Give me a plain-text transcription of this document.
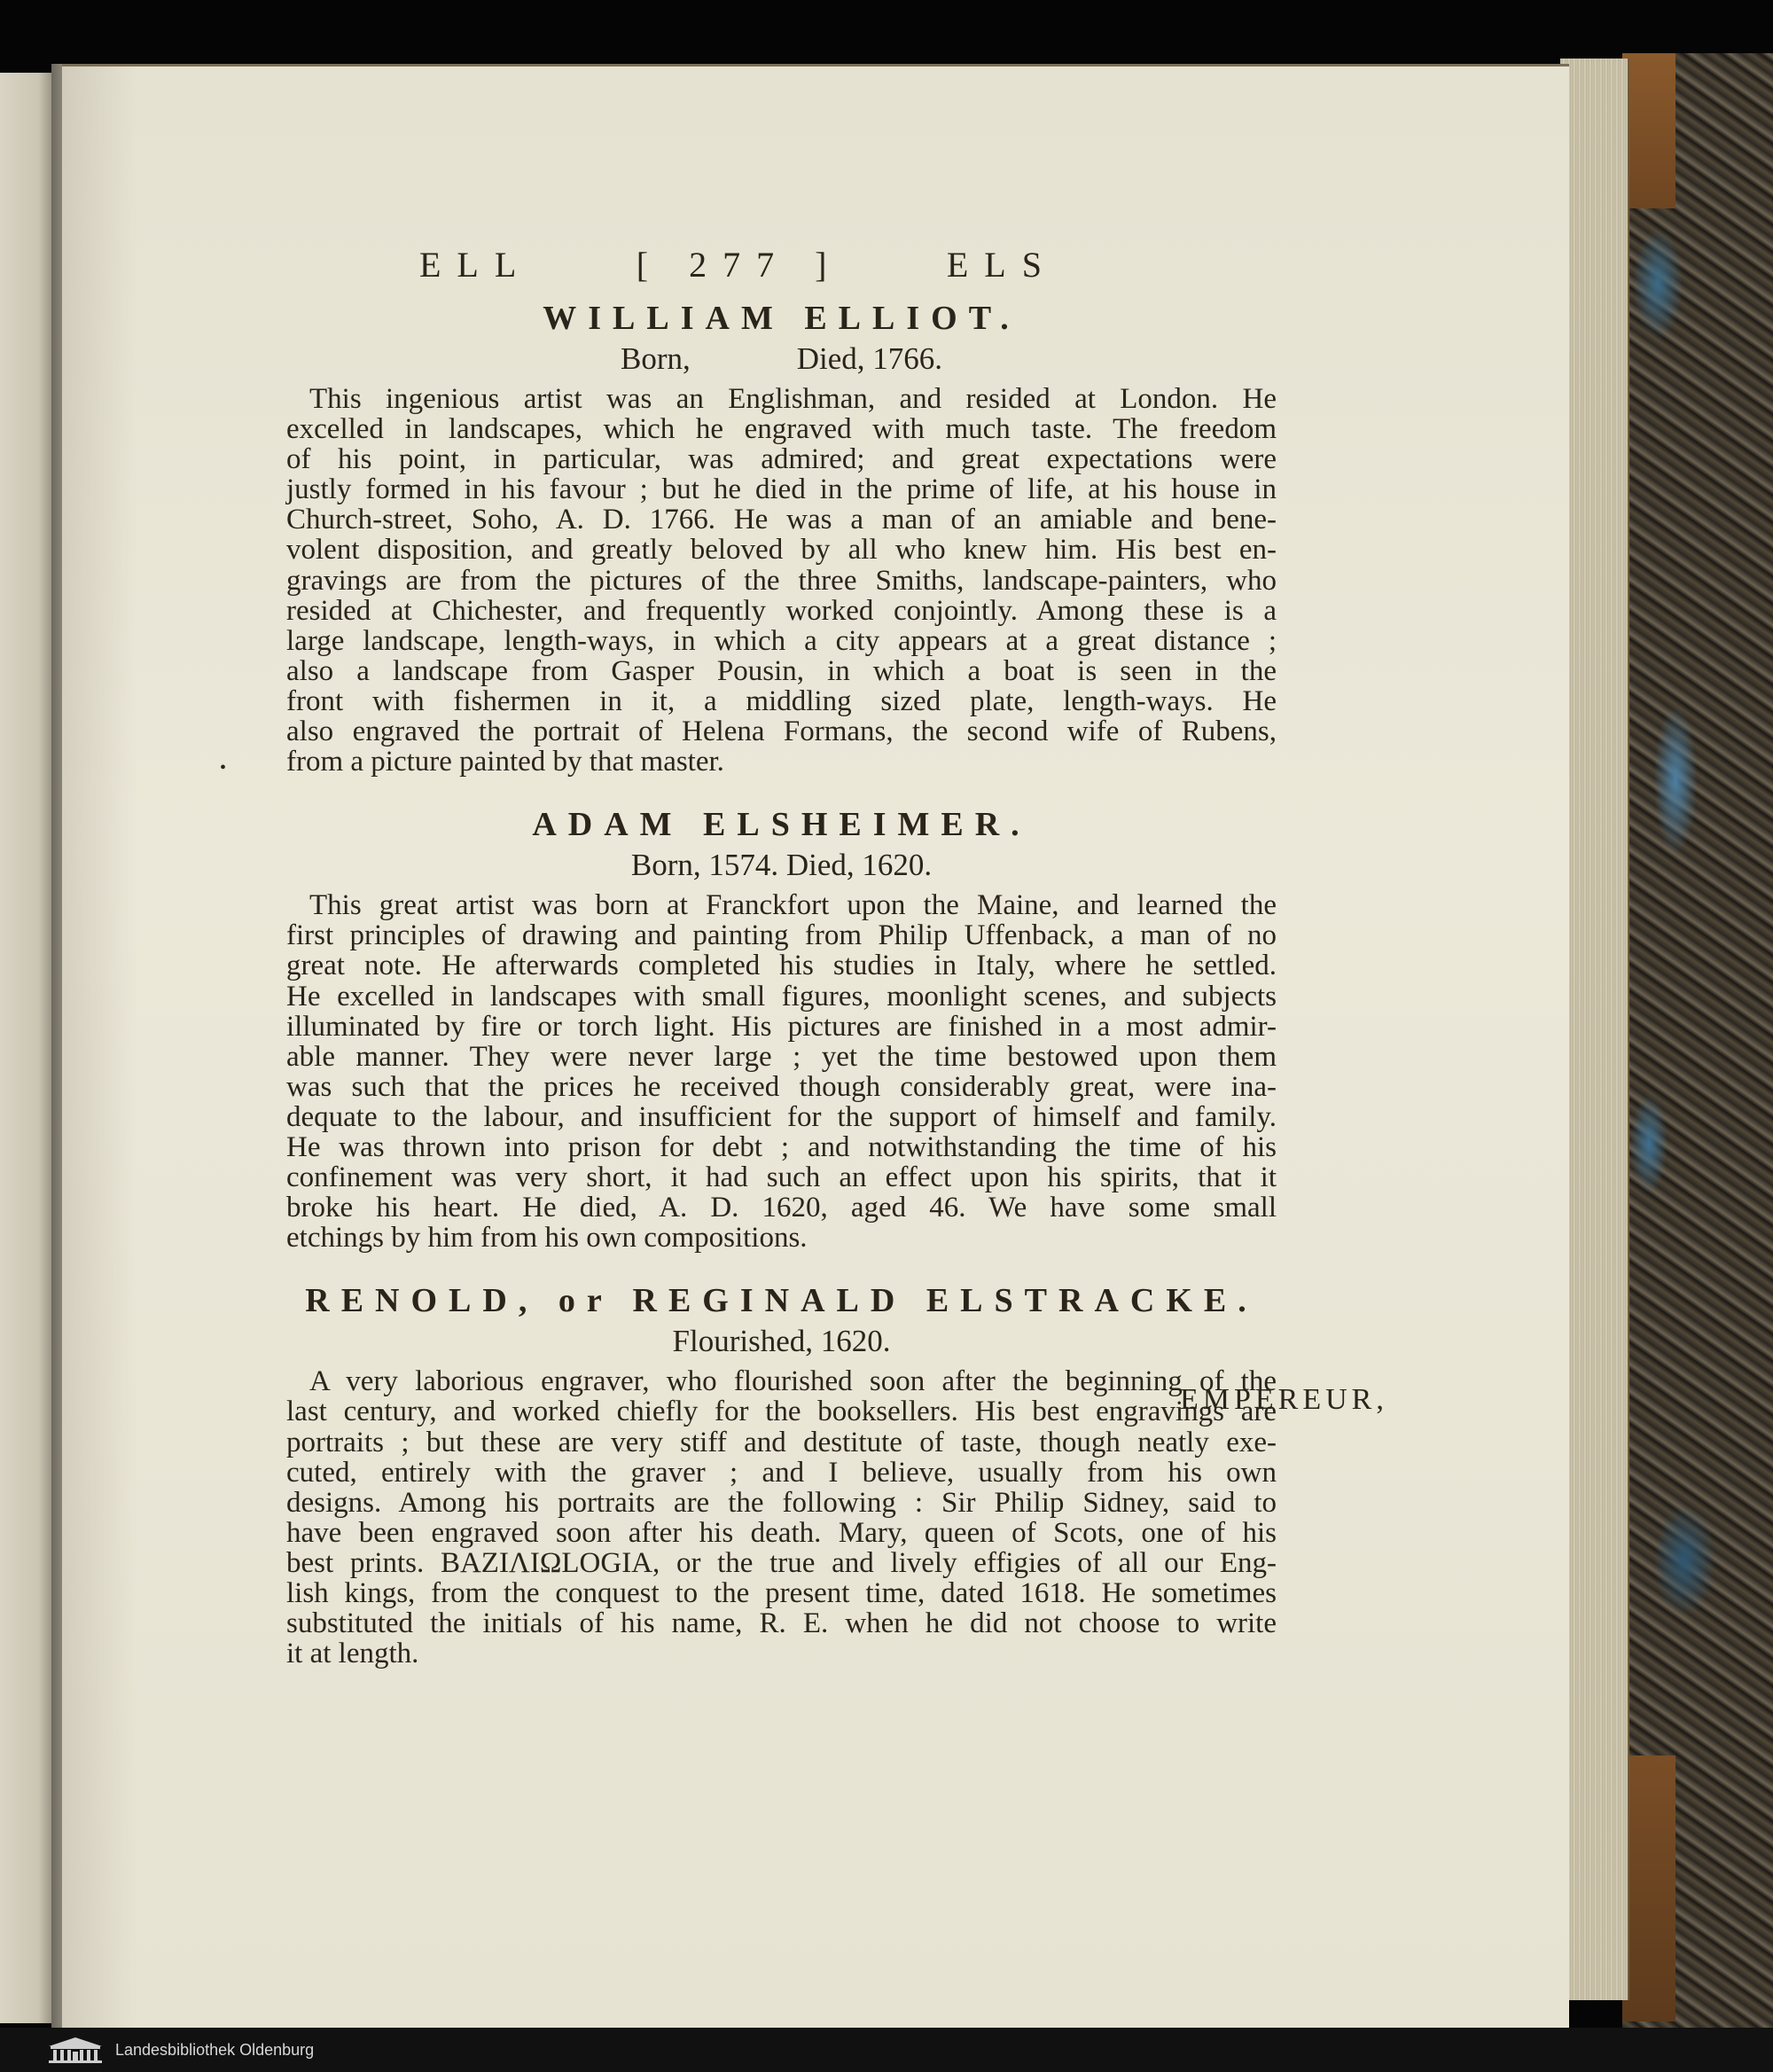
ELL	[ 277 ]	ELS
WILLIAM ELLIOT.

Born,	Died, 1766.

This ingenious artist was an Englishman, and resided at London. He
excelled in landscapes, which he engraved with much taste. The freedom
of his point, in particular, was admired; and great expectations were
justly formed in his favour ; but he died in the prime of life, at his house in
Church-street, Soho, A. D. 1766. He was a man of an amiable and bene-
volent disposition, and greatly beloved by all who knew him. His best en-
gravings are from the pictures of the three Smiths, landscape-painters, who
resided at Chichester, and frequently worked conjointly. Among these is a
large landscape, length-ways, in which a city appears at a great distance ;
also a landscape from Gasper Pousin, in which a boat is seen in the
front with fishermen in it, a middling sized plate, length-ways. He
also engraved the portrait of Helena Formans, the second wife of Rubens,
from a picture painted by that master.

ADAM ELSHEIMER.

Born, 1574. Died, 1620.

This great artist was born at Franckfort upon the Maine, and learned the
first principles of drawing and painting from Philip Uffenback, a man of no
great note. He afterwards completed his studies in Italy, where he settled.
He excelled in landscapes with small figures, moonlight scenes, and subjects
illuminated by fire or torch light. His pictures are finished in a most admir-
able manner. They were never large ; yet the time bestowed upon them
was such that the prices he received though considerably great, were ina-
dequate to the labour, and insufficient for the support of himself and family.
He was thrown into prison for debt ; and notwithstanding the time of his
confinement was very short, it had such an effect upon his spirits, that it
broke his heart. He died, A. D. 1620, aged 46. We have some small
etchings by him from his own compositions.

RENOLD, or REGINALD ELSTRACKE.

Flourished, 1620.

A very laborious engraver, who flourished soon after the beginning of the
last century, and worked chiefly for the booksellers. His best engravings are
portraits ; but these are very stiff and destitute of taste, though neatly exe-
cuted, entirely with the graver ; and I believe, usually from his own
designs. Among his portraits are the following : Sir Philip Sidney, said to
have been engraved soon after his death. Mary, queen of Scots, one of his
best prints. ΒΑΖΙΛΙΩLOGIA, or the true and lively effigies of all our Eng-
lish kings, from the conquest to the present time, dated 1618. He sometimes
substituted the initials of his name, R. E. when he did not choose to write
it at length.

EMPEREUR,
•
Landesbibliothek Oldenburg
